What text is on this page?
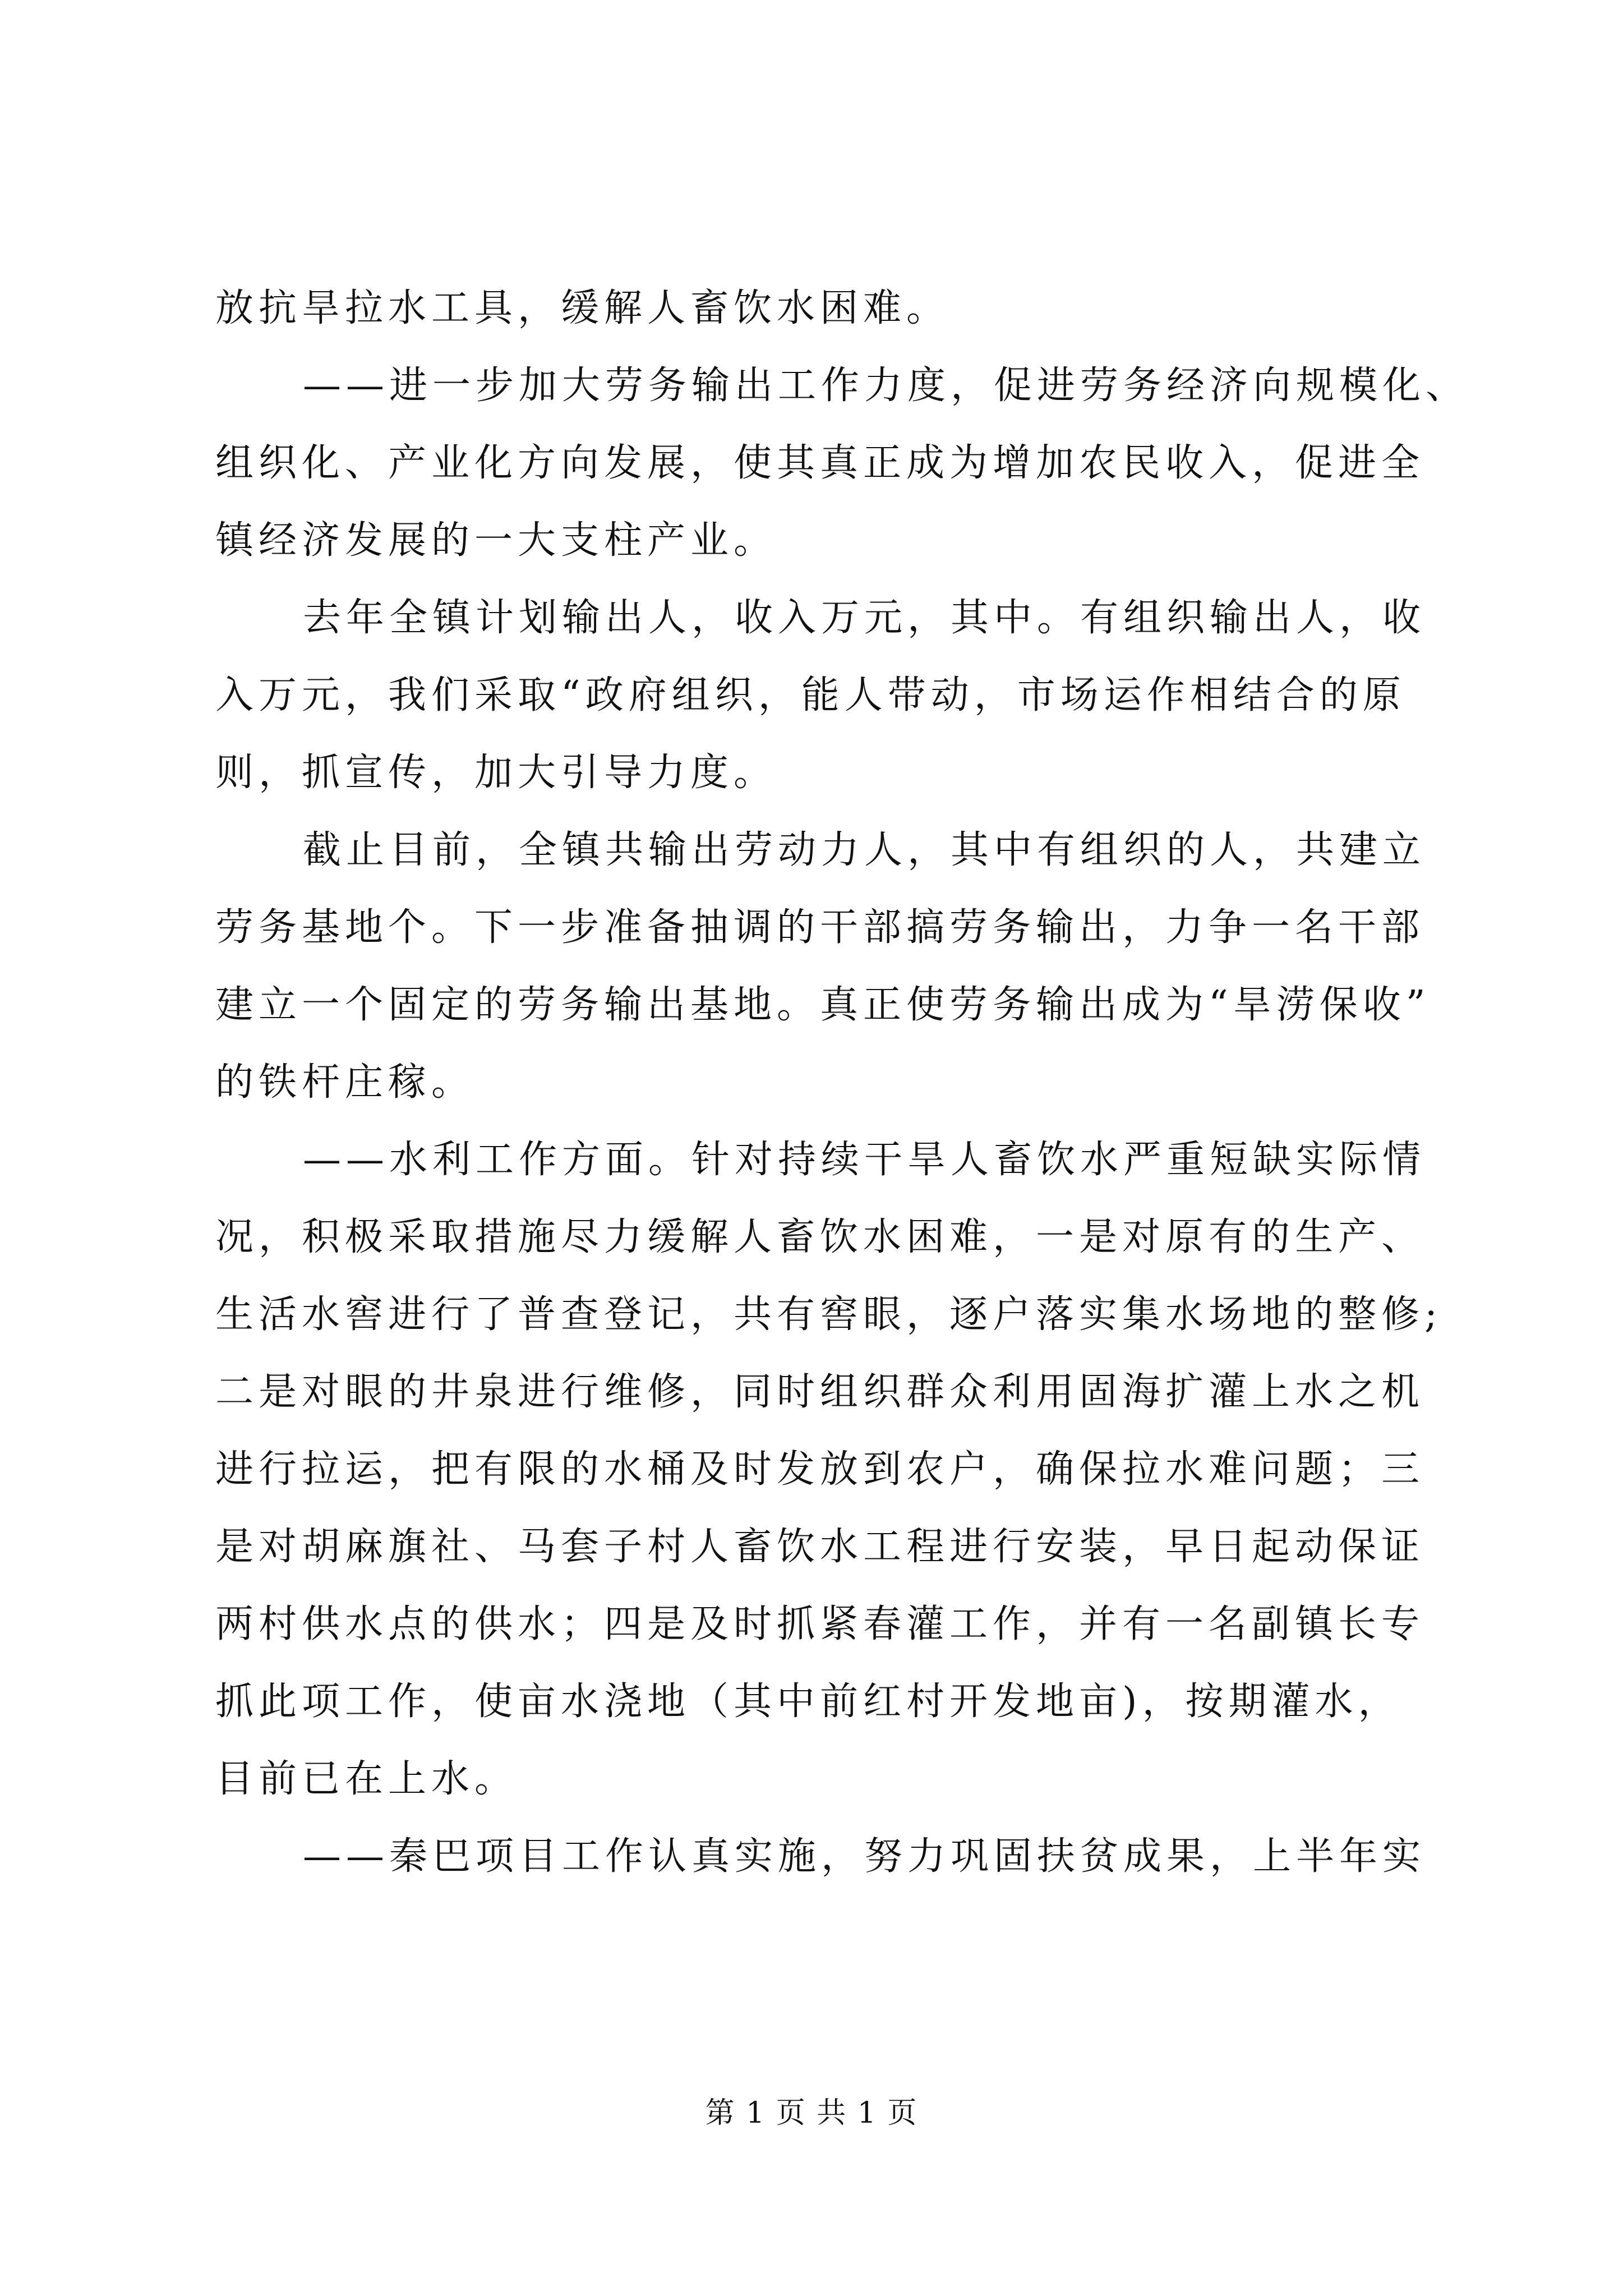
放抗旱拉水工具，缓解人畜饮水困难。
——进一步加大劳务输出工作力度，促进劳务经济向规模化、
组织化、产业化方向发展，使其真正成为增加农民收入，促进全
镇经济发展的一大支柱产业。
去年全镇计划输出人，收入万元，其中。有组织输出人，收
入万元，我们采取“政府组织，能人带动，市场运作相结合的原
则，抓宣传，加大引导力度。
截止目前，全镇共输出劳动力人，其中有组织的人，共建立
劳务基地个。下一步准备抽调的干部搞劳务输出，力争一名干部
建立一个固定的劳务输出基地。真正使劳务输出成为“旱涝保收”
的铁杆庄稼。
——水利工作方面。针对持续干旱人畜饮水严重短缺实际情
况，积极采取措施尽力缓解人畜饮水困难，一是对原有的生产、
生活水窖进行了普查登记，共有窖眼，逐户落实集水场地的整修;
二是对眼的井泉进行维修，同时组织群众利用固海扩灌上水之机
进行拉运，把有限的水桶及时发放到农户，确保拉水难问题；三
是对胡麻旗社、马套子村人畜饮水工程进行安装，早日起动保证
两村供水点的供水；四是及时抓紧春灌工作，并有一名副镇长专
抓此项工作，使亩水浇地（其中前红村开发地亩)，按期灌水，
目前已在上水。
——秦巴项目工作认真实施，努力巩固扶贫成果，上半年实
第 1 页 共 1 页
